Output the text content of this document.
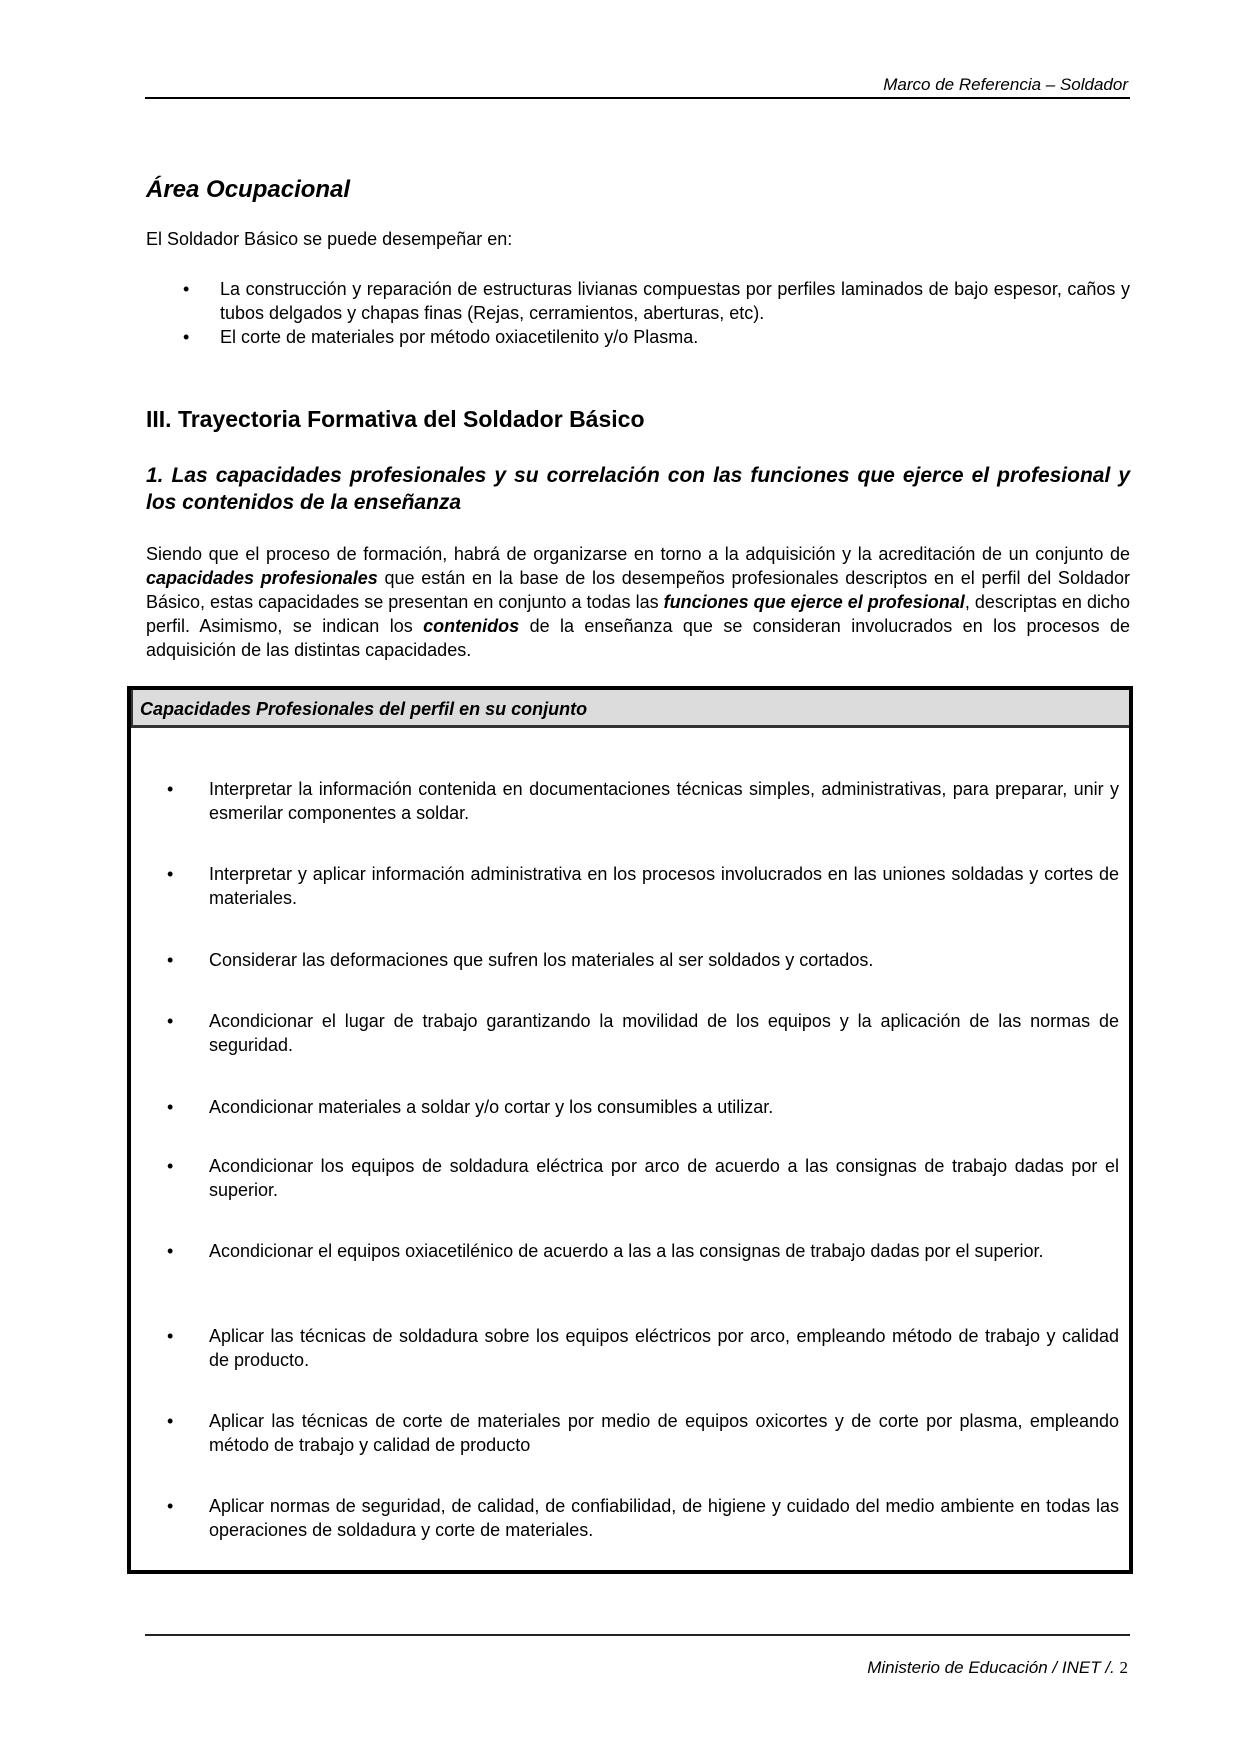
Marco de Referencia – Soldador
Área Ocupacional
El Soldador Básico se puede desempeñar en:
• La construcción y reparación de estructuras livianas compuestas por perfiles laminados de bajo espesor, caños y tubos delgados y chapas finas (Rejas, cerramientos, aberturas, etc).
• El corte de materiales por método oxiacetilenito y/o Plasma.
III. Trayectoria Formativa del Soldador Básico
1. Las capacidades profesionales y su correlación con las funciones que ejerce el profesional y los contenidos de la enseñanza
Siendo que el proceso de formación, habrá de organizarse en torno a la adquisición y la acreditación de un conjunto de capacidades profesionales que están en la base de los desempeños profesionales descriptos en el perfil del Soldador Básico, estas capacidades se presentan en conjunto a todas las funciones que ejerce el profesional, descriptas en dicho perfil. Asimismo, se indican los contenidos de la enseñanza que se consideran involucrados en los procesos de adquisición de las distintas capacidades.
Capacidades Profesionales del perfil en su conjunto
• Interpretar la información contenida en documentaciones técnicas simples, administrativas, para preparar, unir y esmerilar componentes a soldar.
• Interpretar y aplicar información administrativa en los procesos involucrados en las uniones soldadas y cortes de materiales.
• Considerar las deformaciones que sufren los materiales al ser soldados y cortados.
• Acondicionar el lugar de trabajo garantizando la movilidad de los equipos y la aplicación de las normas de seguridad.
• Acondicionar materiales a soldar y/o cortar y los consumibles a utilizar.
• Acondicionar los equipos de soldadura eléctrica por arco de acuerdo a las consignas de trabajo dadas por el superior.
• Acondicionar el equipos oxiacetilénico de acuerdo a las a las consignas de trabajo dadas por el superior.
• Aplicar las técnicas de soldadura sobre los equipos eléctricos por arco, empleando método de trabajo y calidad de producto.
• Aplicar las técnicas de corte de materiales por medio de equipos oxicortes y de corte por plasma, empleando método de trabajo y calidad de producto
• Aplicar normas de seguridad, de calidad, de confiabilidad, de higiene y cuidado del medio ambiente en todas las operaciones de soldadura y corte de materiales.
Ministerio de Educación / INET /. 2
